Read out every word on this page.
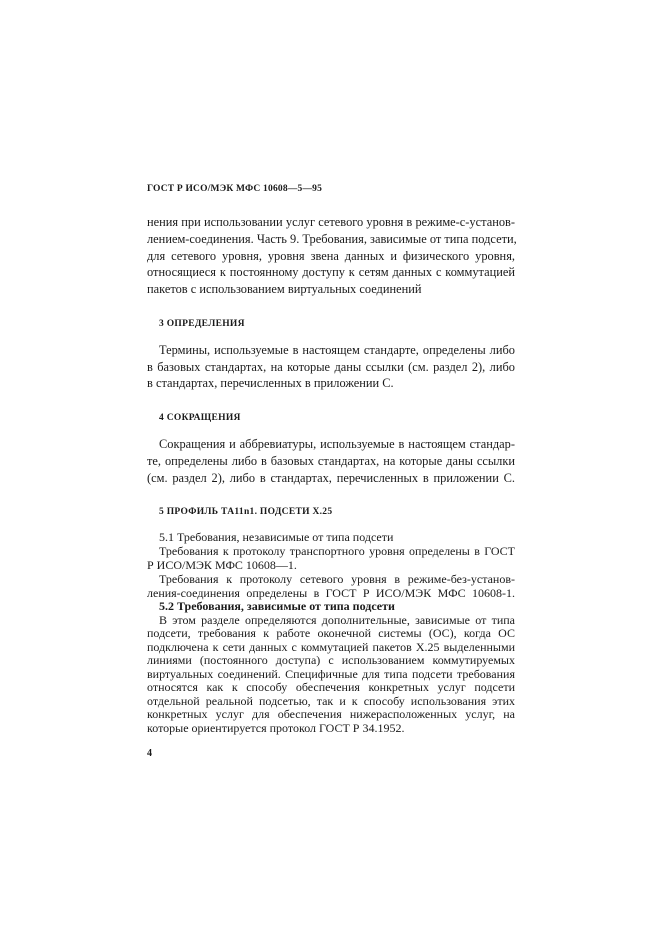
ГОСТ Р ИСО/МЭК МФС 10608—5—95
нения при использовании услуг сетевого уровня в режиме-с-установ-
лением-соединения. Часть 9. Требования, зависимые от типа подсети,
для сетевого уровня, уровня звена данных и физического уровня,
относящиеся к постоянному доступу к сетям данных с коммутацией
пакетов с использованием виртуальных соединений
3 ОПРЕДЕЛЕНИЯ
Термины, используемые в настоящем стандарте, определены либо
в базовых стандартах, на которые даны ссылки (см. раздел 2), либо
в стандартах, перечисленных в приложении С.
4 СОКРАЩЕНИЯ
Сокращения и аббревиатуры, используемые в настоящем стандар-
те, определены либо в базовых стандартах, на которые даны ссылки
(см. раздел 2), либо в стандартах, перечисленных в приложении С.
5 ПРОФИЛЬ ТА11n1. ПОДСЕТИ Х.25
5.1 Требования, независимые от типа подсети
Требования к протоколу транспортного уровня определены в ГОСТ
Р ИСО/МЭК МФС 10608—1.
Требования к протоколу сетевого уровня в режиме-без-установ-
ления-соединения определены в ГОСТ Р ИСО/МЭК МФС 10608-1.
5.2 Требования, зависимые от типа подсети
В этом разделе определяются дополнительные, зависимые от типа
подсети, требования к работе оконечной системы (ОС), когда ОС
подключена к сети данных с коммутацией пакетов Х.25 выделенными
линиями (постоянного доступа) с использованием коммутируемых
виртуальных соединений. Специфичные для типа подсети требования
относятся как к способу обеспечения конкретных услуг подсети
отдельной реальной подсетью, так и к способу использования этих
конкретных услуг для обеспечения нижерасположенных услуг, на
которые ориентируется протокол ГОСТ Р 34.1952.
4
